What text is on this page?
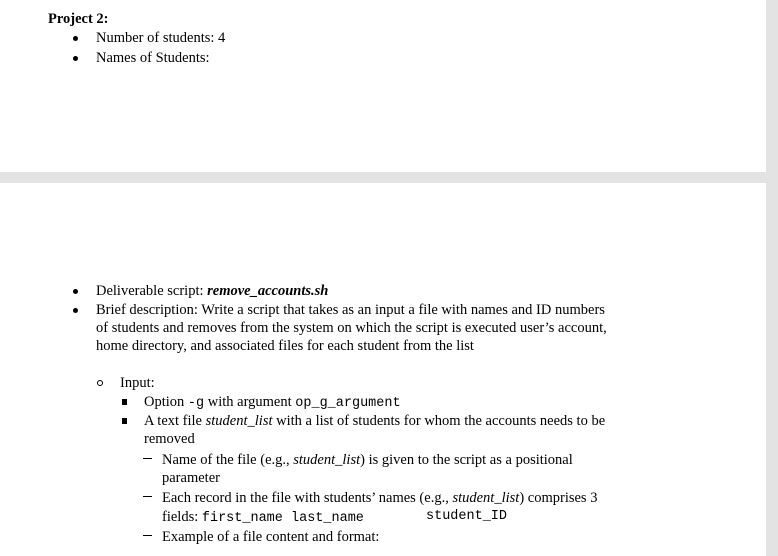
Project 2:
Number of students: 4
Names of Students:
Deliverable script: remove_accounts.sh
Brief description: Write a script that takes as an input a file with names and ID numbers
of students and removes from the system on which the script is executed user’s account,
home directory, and associated files for each student from the list
Input:
Option -g with argument op_g_argument
A text file student_list with a list of students for whom the accounts needs to be
removed
Name of the file (e.g., student_list) is given to the script as a positional
parameter
Each record in the file with students’ names (e.g., student_list) comprises 3
fields: first_name last_name	student_ID
Example of a file content and format:
